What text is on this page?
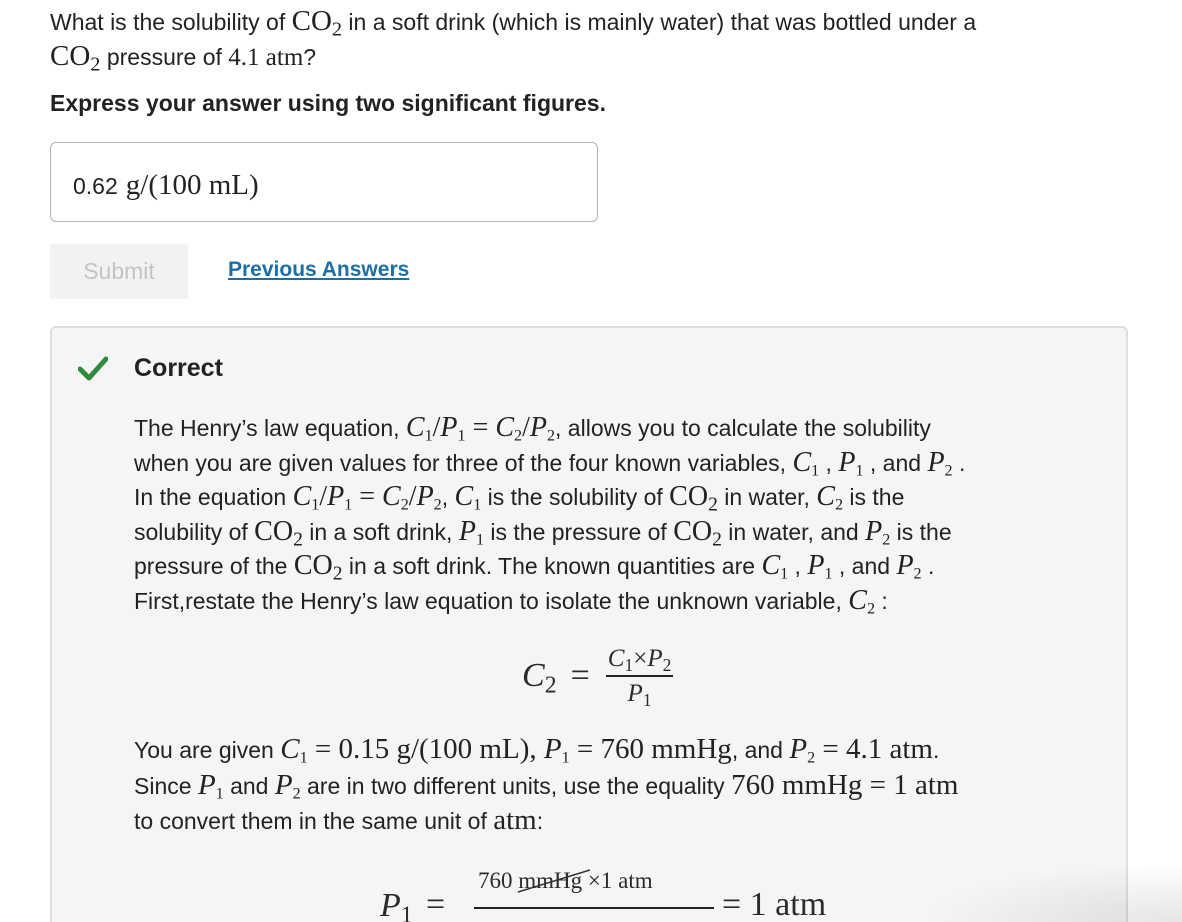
What is the solubility of $CO_2$ in a soft drink (which is mainly water) that was bottled under a
$CO_2$ pressure of 4.1 atm?
Express your answer using two significant figures.
0.62 g/(100 mL)
Submit	Previous Answers
Correct
The Henry’s law equation, $C_1/P_1 = C_2/P_2$, allows you to calculate the solubility
when you are given values for three of the four known variables, $C_1$ , $P_1$ , and $P_2$ .
In the equation $C_1/P_1 = C_2/P_2$, $C_1$ is the solubility of $CO_2$ in water, $C_2$ is the
solubility of $CO_2$ in a soft drink, $P_1$ is the pressure of $CO_2$ in water, and $P_2$ is the
pressure of the $CO_2$ in a soft drink. The known quantities are $C_1$ , $P_1$ , and $P_2$ .
First,restate the Henry’s law equation to isolate the unknown variable, $C_2$ :
$C_2 = \frac{C_1\times P_2}{P_1}$
You are given $C_1 = 0.15$ g/(100 mL), $P_1 = 760$ mmHg, and $P_2 = 4.1$ atm.
Since $P_1$ and $P_2$ are in two different units, use the equality 760 mmHg = 1 atm
to convert them in the same unit of atm:
$P_1$ =
760 mmHg ×1 atm
= 1 atm
